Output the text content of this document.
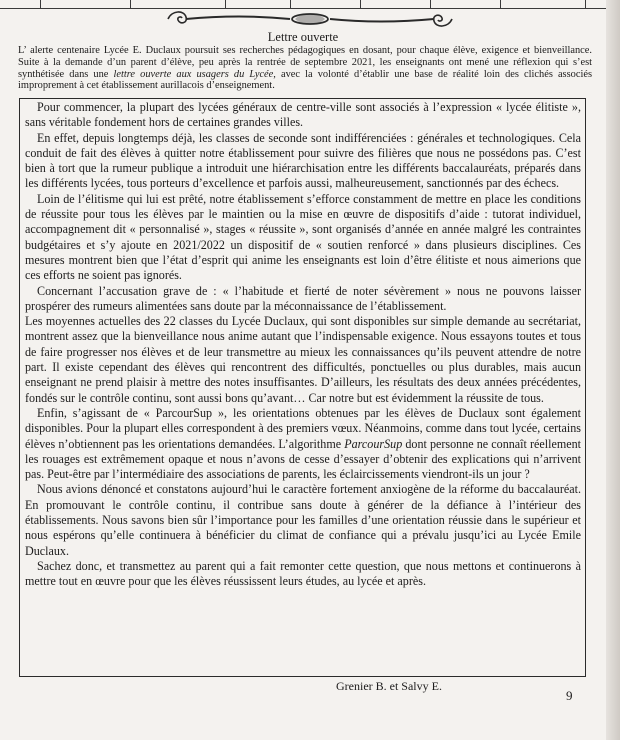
Lettre ouverte

L’ alerte centenaire Lycée E. Duclaux poursuit ses recherches pédagogiques en dosant, pour chaque élève, exigence et bienveillance. Suite à la demande d’un parent d’élève, peu après la rentrée de septembre 2021, les enseignants ont mené une réflexion qui s’est synthétisée dans une lettre ouverte aux usagers du Lycée, avec la volonté d’établir une base de réalité loin des clichés associés improprement à cet établissement aurillacois d’enseignement.

Pour commencer, la plupart des lycées généraux de centre-ville sont associés à l’expression « lycée élitiste », sans véritable fondement hors de certaines grandes villes.

En effet, depuis longtemps déjà, les classes de seconde sont indifférenciées : générales et technologiques. Cela conduit de fait des élèves à quitter notre établissement pour suivre des filières que nous ne possédons pas. C’est bien à tort que la rumeur publique a introduit une hiérarchisation entre les différents baccalauréats, préparés dans les différents lycées, tous porteurs d’excellence et parfois aussi, malheureusement, sanctionnés par des échecs.

Loin de l’élitisme qui lui est prêté, notre établissement s’efforce constamment de mettre en place les conditions de réussite pour tous les élèves par le maintien ou la mise en œuvre de dispositifs d’aide : tutorat individuel, accompagnement dit « personnalisé », stages « réussite », sont organisés d’année en année malgré les contraintes budgétaires et s’y ajoute en 2021/2022 un dispositif de « soutien renforcé » dans plusieurs disciplines. Ces mesures montrent bien que l’état d’esprit qui anime les enseignants est loin d’être élitiste et nous aimerions que ces efforts ne soient pas ignorés.

Concernant l’accusation grave de : « l’habitude et fierté de noter sévèrement » nous ne pouvons laisser prospérer des rumeurs alimentées sans doute par la méconnaissance de l’établissement.

Les moyennes actuelles des 22 classes du Lycée Duclaux, qui sont disponibles sur simple demande au secrétariat, montrent assez que la bienveillance nous anime autant que l’indispensable exigence. Nous essayons toutes et tous de faire progresser nos élèves et de leur transmettre au mieux les connaissances qu’ils peuvent attendre de notre part. Il existe cependant des élèves qui rencontrent des difficultés, ponctuelles ou plus durables, mais aucun enseignant ne prend plaisir à mettre des notes insuffisantes. D’ailleurs, les résultats des deux années précédentes, fondés sur le contrôle continu, sont aussi bons qu’avant… Car notre but est évidemment la réussite de tous.

Enfin, s’agissant de « ParcourSup », les orientations obtenues par les élèves de Duclaux sont également disponibles. Pour la plupart elles correspondent à des premiers vœux. Néanmoins, comme dans tout lycée, certains élèves n’obtiennent pas les orientations demandées. L’algorithme ParcourSup dont personne ne connaît réellement les rouages est extrêmement opaque et nous n’avons de cesse d’essayer d’obtenir des explications qui n’arrivent pas. Peut-être par l’intermédiaire des associations de parents, les éclaircissements viendront-ils un jour ?

Nous avions dénoncé et constatons aujourd’hui le caractère fortement anxiogène de la réforme du baccalauréat. En promouvant le contrôle continu, il contribue sans doute à générer de la défiance à l’intérieur des établissements. Nous savons bien sûr l’importance pour les familles d’une orientation réussie dans le supérieur et nous espérons qu’elle continuera à bénéficier du climat de confiance qui a prévalu jusqu’ici au Lycée Emile Duclaux.

Sachez donc, et transmettez au parent qui a fait remonter cette question, que nous mettons et continuerons à mettre tout en œuvre pour que les élèves réussissent leurs études, au lycée et après.

Grenier B. et Salvy E.
9
